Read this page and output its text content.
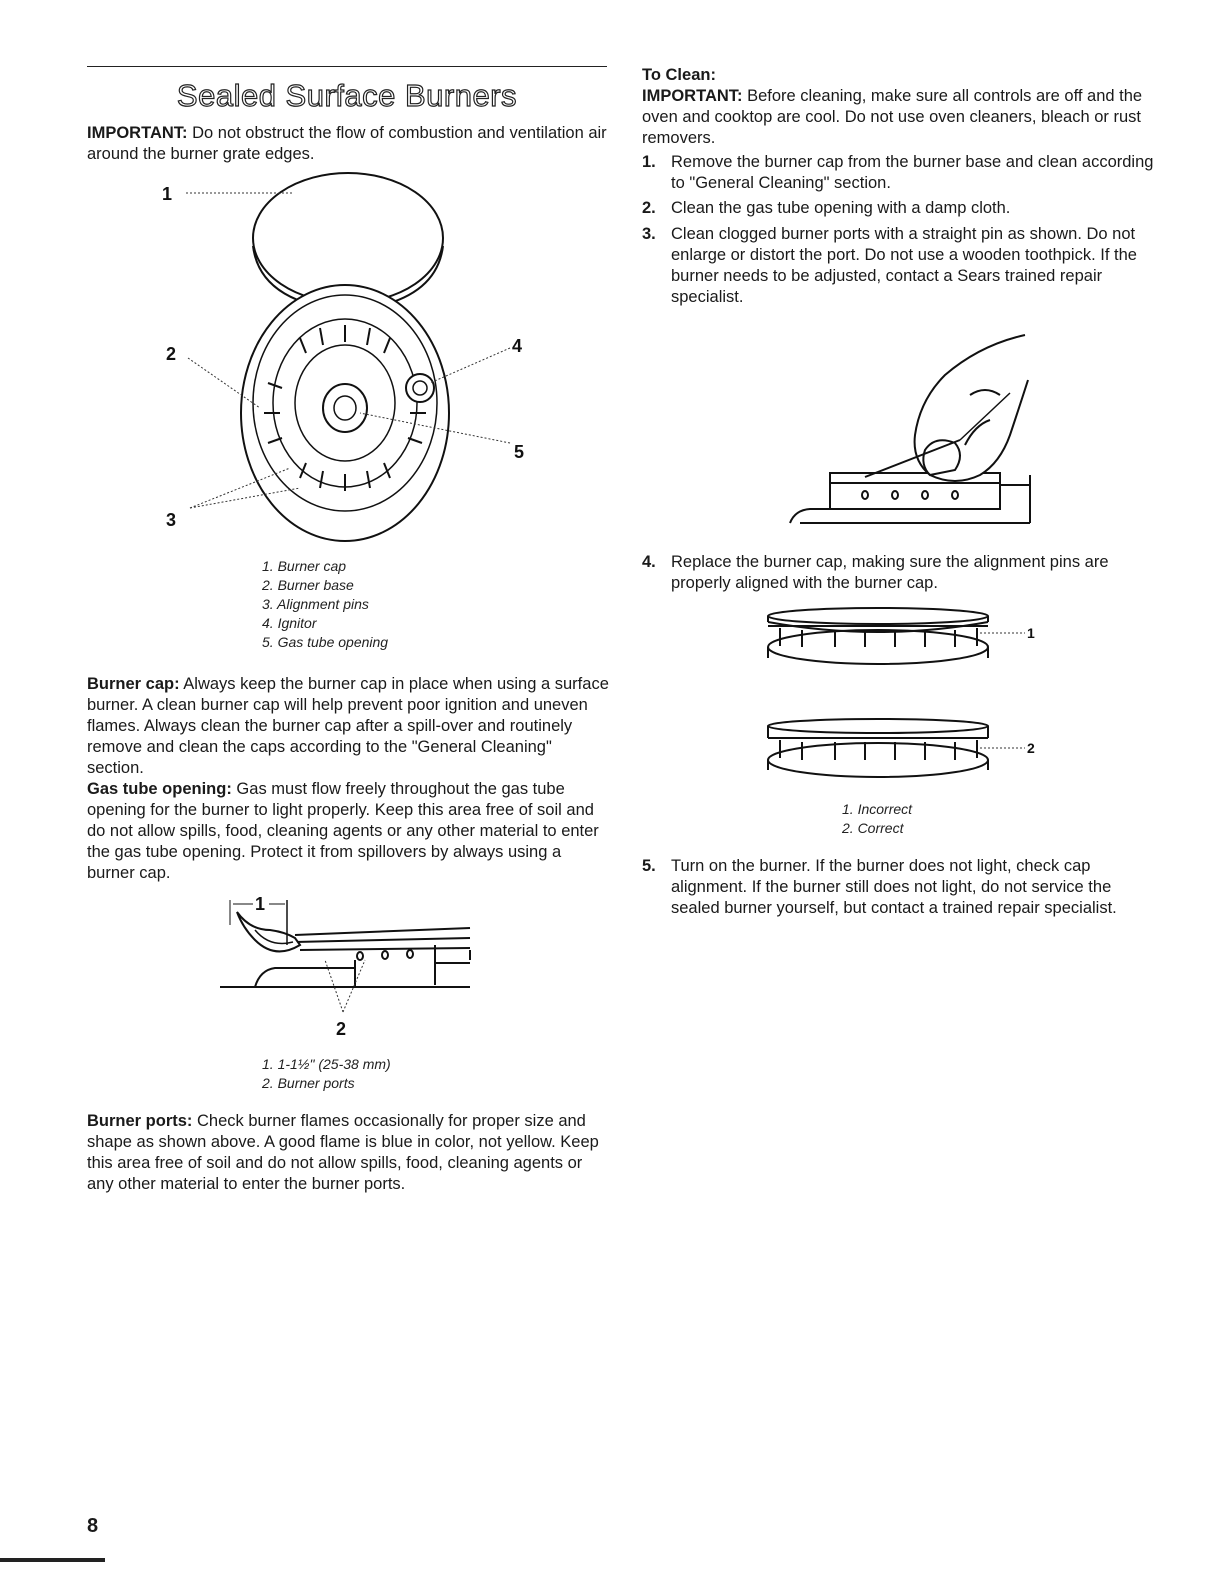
Sealed Surface Burners

IMPORTANT: Do not obstruct the flow of combustion and ventilation air around the burner grate edges.

1
2
3
4
5
1. Burner cap
2. Burner base
3. Alignment pins
4. Ignitor
5. Gas tube opening

Burner cap: Always keep the burner cap in place when using a surface burner. A clean burner cap will help prevent poor ignition and uneven flames. Always clean the burner cap after a spill-over and routinely remove and clean the caps according to the "General Cleaning" section.

Gas tube opening: Gas must flow freely throughout the gas tube opening for the burner to light properly. Keep this area free of soil and do not allow spills, food, cleaning agents or any other material to enter the gas tube opening. Protect it from spillovers by always using a burner cap.

1
2
1. 1-1½" (25-38 mm)
2. Burner ports

Burner ports: Check burner flames occasionally for proper size and shape as shown above. A good flame is blue in color, not yellow. Keep this area free of soil and do not allow spills, food, cleaning agents or any other material to enter the burner ports.

To Clean:

IMPORTANT: Before cleaning, make sure all controls are off and the oven and cooktop are cool. Do not use oven cleaners, bleach or rust removers.

1. Remove the burner cap from the burner base and clean according to "General Cleaning" section.
2. Clean the gas tube opening with a damp cloth.
3. Clean clogged burner ports with a straight pin as shown. Do not enlarge or distort the port. Do not use a wooden toothpick. If the burner needs to be adjusted, contact a Sears trained repair specialist.
4. Replace the burner cap, making sure the alignment pins are properly aligned with the burner cap.
1
2
1. Incorrect
2. Correct
5. Turn on the burner. If the burner does not light, check cap alignment. If the burner still does not light, do not service the sealed burner yourself, but contact a trained repair specialist.
8
